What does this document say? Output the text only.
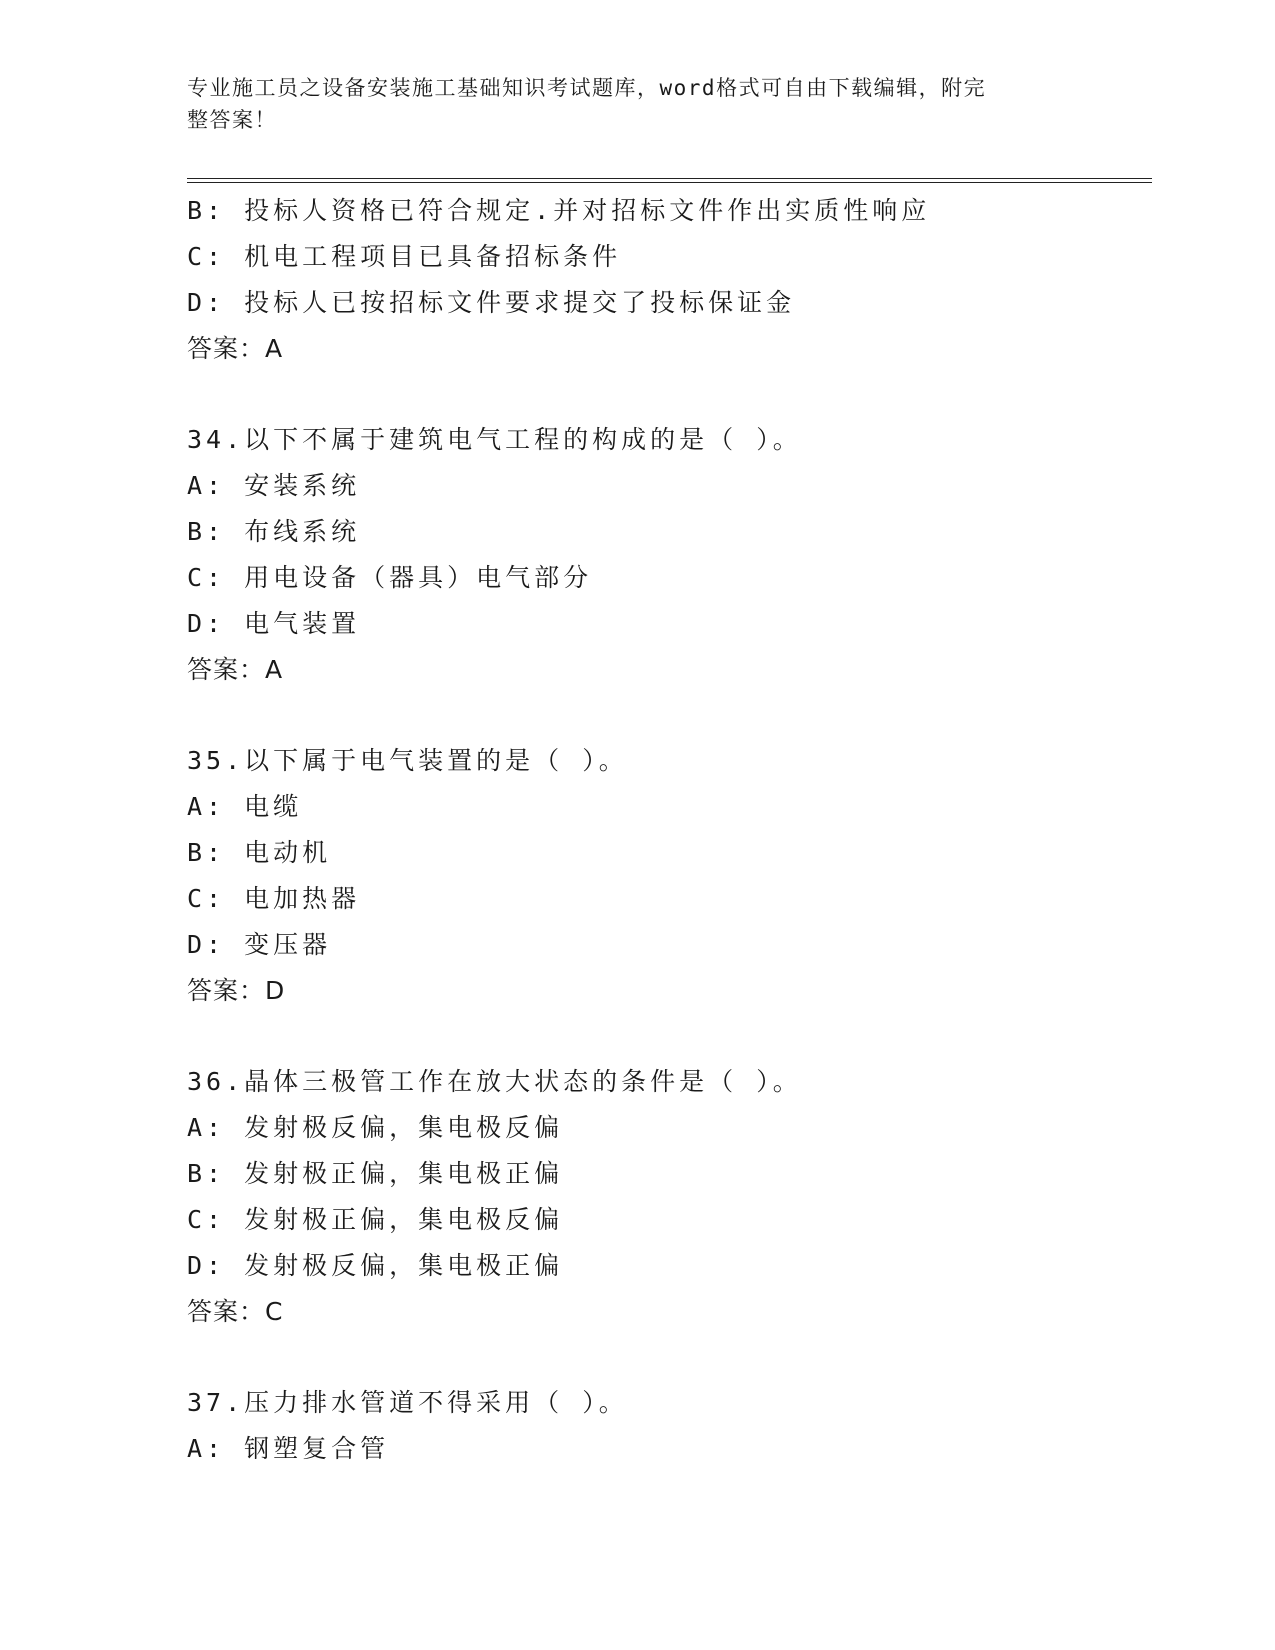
专业施工员之设备安装施工基础知识考试题库，word格式可自由下载编辑，附完
整答案！
B: 投标人资格已符合规定.并对招标文件作出实质性响应
C: 机电工程项目已具备招标条件
D: 投标人已按招标文件要求提交了投标保证金
答案：A
34.以下不属于建筑电气工程的构成的是（ ）。
A: 安装系统
B: 布线系统
C: 用电设备（器具）电气部分
D: 电气装置
答案：A
35.以下属于电气装置的是（ ）。
A: 电缆
B: 电动机
C: 电加热器
D: 变压器
答案：D
36.晶体三极管工作在放大状态的条件是（ ）。
A: 发射极反偏，集电极反偏
B: 发射极正偏，集电极正偏
C: 发射极正偏，集电极反偏
D: 发射极反偏，集电极正偏
答案：C
37.压力排水管道不得采用（ ）。
A: 钢塑复合管
